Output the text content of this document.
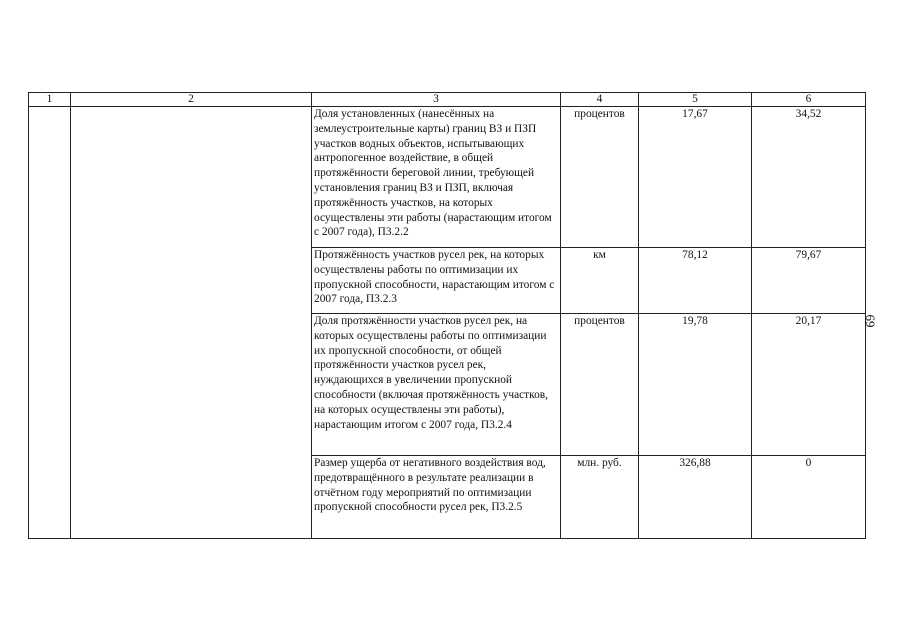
1	2	3	4	5	6
		Доля установленных (нанесённых на землеустроительные карты) границ ВЗ и ПЗП участков водных объектов, испытывающих антропогенное воздействие, в общей протяжённости береговой линии, требующей установления границ ВЗ и ПЗП, включая протяжённость участков, на которых осуществлены эти работы (нарастающим итогом с 2007 года), П3.2.2	процентов	17,67	34,52
		Протяжённость участков русел рек, на которых осуществлены работы по оптимизации их пропускной способности, нарастающим итогом с 2007 года, П3.2.3	км	78,12	79,67
		Доля протяжённости участков русел рек, на которых осуществлены работы по оптимизации их пропускной способности, от общей протяжённости участков русел рек, нуждающихся в увеличении пропускной способности (включая протяжённость участков, на которых осуществлены эти работы), нарастающим итогом с 2007 года, П3.2.4	процентов	19,78	20,17
		Размер ущерба от негативного воздействия вод, предотвращённого в результате реализации в отчётном году мероприятий по оптимизации пропускной способности русел рек, П3.2.5	млн. руб.	326,88	0
69
